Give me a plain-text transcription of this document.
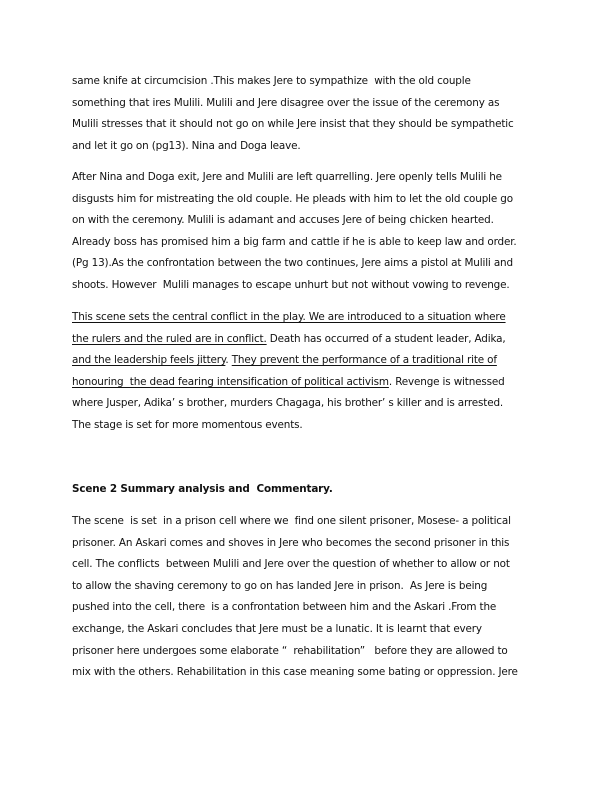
same knife at circumcision .This makes Jere to sympathize  with the old couple
something that ires Mulili. Mulili and Jere disagree over the issue of the ceremony as
Mulili stresses that it should not go on while Jere insist that they should be sympathetic
and let it go on (pg13). Nina and Doga leave.
After Nina and Doga exit, Jere and Mulili are left quarrelling. Jere openly tells Mulili he
disgusts him for mistreating the old couple. He pleads with him to let the old couple go
on with the ceremony. Mulili is adamant and accuses Jere of being chicken hearted.
Already boss has promised him a big farm and cattle if he is able to keep law and order.
(Pg 13).As the confrontation between the two continues, Jere aims a pistol at Mulili and
shoots. However  Mulili manages to escape unhurt but not without vowing to revenge.
This scene sets the central conflict in the play. We are introduced to a situation where
the rulers and the ruled are in conflict. Death has occurred of a student leader, Adika,
and the leadership feels jittery. They prevent the performance of a traditional rite of
honouring  the dead fearing intensification of political activism. Revenge is witnessed
where Jusper, Adika’ s brother, murders Chagaga, his brother’ s killer and is arrested.
The stage is set for more momentous events.
Scene 2 Summary analysis and  Commentary.
The scene  is set  in a prison cell where we  find one silent prisoner, Mosese- a political
prisoner. An Askari comes and shoves in Jere who becomes the second prisoner in this
cell. The conflicts  between Mulili and Jere over the question of whether to allow or not
to allow the shaving ceremony to go on has landed Jere in prison.  As Jere is being
pushed into the cell, there  is a confrontation between him and the Askari .From the
exchange, the Askari concludes that Jere must be a lunatic. It is learnt that every
prisoner here undergoes some elaborate “  rehabilitation”   before they are allowed to
mix with the others. Rehabilitation in this case meaning some bating or oppression. Jere
